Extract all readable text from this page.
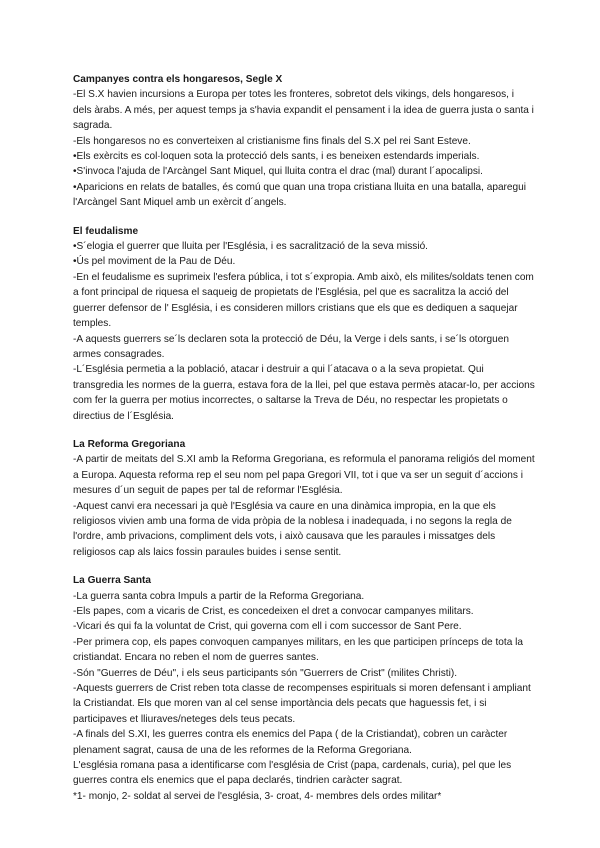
Campanyes contra els hongaresos, Segle X

-El S.X havien incursions a Europa per totes les fronteres, sobretot dels vikings, dels hongaresos, i dels àrabs. A més, per aquest temps ja s'havia expandit el pensament i la idea de guerra justa o santa i sagrada.

-Els hongaresos no es converteixen al cristianisme fins finals del S.X pel rei Sant Esteve.

•Els exèrcits es col·loquen sota la protecció dels sants, i es beneixen estendards imperials.

•S'invoca l'ajuda de l'Arcàngel Sant Miquel, qui lluita contra el drac (mal) durant l´apocalipsi.

•Aparicions en relats de batalles, és comú que quan una tropa cristiana lluita en una batalla, aparegui l'Arcàngel Sant Miquel amb un exèrcit d´angels.

El feudalisme

•S´elogia el guerrer que lluita per l'Església, i es sacralització de la seva missió.

•Ús pel moviment de la Pau de Déu.

-En el feudalisme es suprimeix l'esfera pública, i tot s´expropia. Amb això, els milites/soldats tenen com a font principal de riquesa el saqueig de propietats de l'Església, pel que es sacralitza la acció del guerrer defensor de l' Església, i es consideren millors cristians que els que es dediquen a saquejar temples.

-A aquests guerrers se´ls declaren sota la protecció de Déu, la Verge i dels sants, i se´ls otorguen armes consagrades.

-L´Església permetia a la població, atacar i destruir a qui l´atacava o a la seva propietat. Qui transgredia les normes de la guerra, estava fora de la llei, pel que estava permès atacar-lo, per accions com fer la guerra per motius incorrectes, o saltarse la Treva de Déu, no respectar les propietats o directius de l´Església.

La Reforma Gregoriana

-A partir de meitats del S.XI amb la Reforma Gregoriana, es reformula el panorama religiós del moment a Europa. Aquesta reforma rep el seu nom pel papa Gregori VII, tot i que va ser un seguit d´accions i mesures d´un seguit de papes per tal de reformar l'Església.

-Aquest canvi era necessari ja què l'Església va caure en una dinàmica impropia, en la que els religiosos vivien amb una forma de vida pròpia de la noblesa i inadequada, i no segons la regla de l'ordre, amb privacions, compliment dels vots, i això causava que les paraules i missatges dels religiosos cap als laics fossin paraules buides i sense sentit.

La Guerra Santa

-La guerra santa cobra Impuls a partir de la Reforma Gregoriana.

-Els papes, com a vicaris de Crist, es concedeixen el dret a convocar campanyes militars.

-Vicari és qui fa la voluntat de Crist, qui governa com ell i com successor de Sant Pere.

-Per primera cop, els papes convoquen campanyes militars, en les que participen prínceps de tota la cristiandat. Encara no reben el nom de guerres santes.

-Són "Guerres de Déu", i els seus participants són "Guerrers de Crist" (milites Christi).

-Aquests guerrers de Crist reben tota classe de recompenses espirituals si moren defensant i ampliant la Cristiandat. Els que moren van al cel sense importància dels pecats que haguessis fet, i si participaves et lliuraves/neteges dels teus pecats.

-A finals del S.XI, les guerres contra els enemics del Papa ( de la Cristiandat), cobren un caràcter plenament sagrat, causa de una de les reformes de la Reforma Gregoriana.

L'església romana pasa a identificarse com l'església de Crist (papa, cardenals, curia), pel que les guerres contra els enemics que el papa declarés, tindrien caràcter sagrat.

*1- monjo, 2- soldat al servei de l'església, 3- croat, 4- membres dels ordes militar*
